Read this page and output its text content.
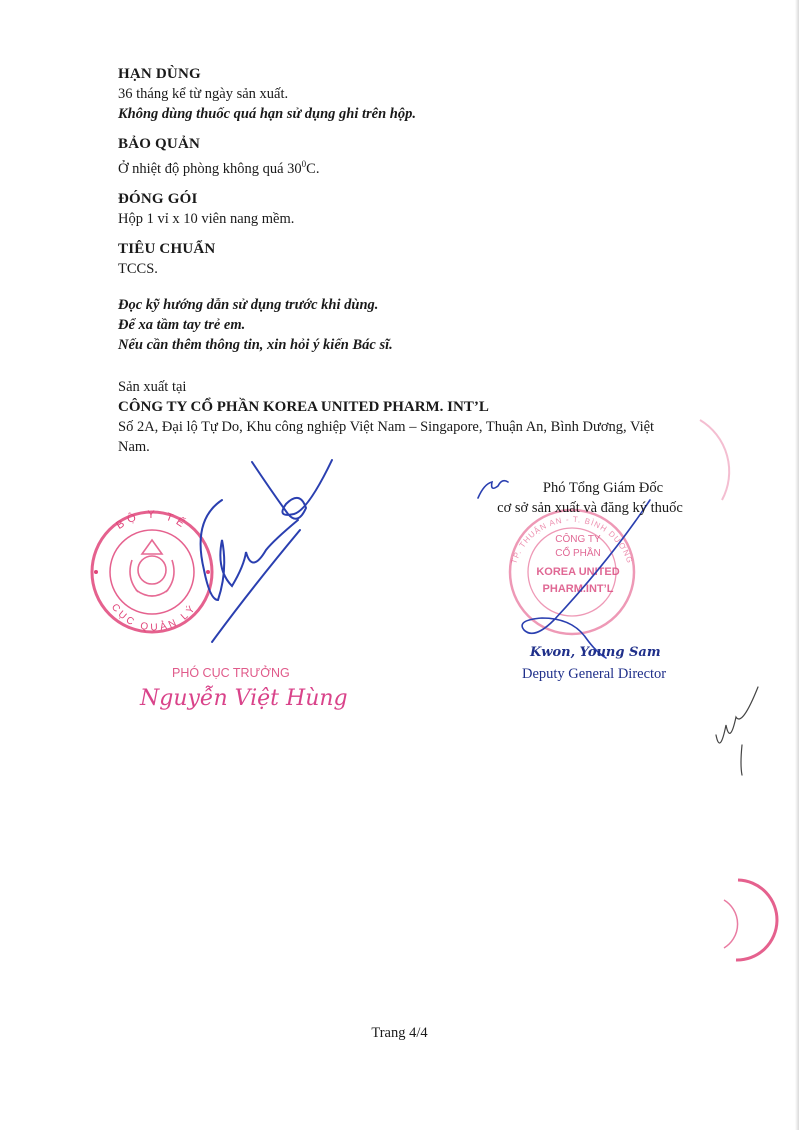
HẠN DÙNG
36 tháng kể từ ngày sản xuất.
Không dùng thuốc quá hạn sử dụng ghi trên hộp.
BẢO QUẢN
Ở nhiệt độ phòng không quá $30^0C$.
ĐÓNG GÓI
Hộp 1 vỉ x 10 viên nang mềm.
TIÊU CHUẨN
TCCS.
Đọc kỹ hướng dẫn sử dụng trước khi dùng.
Để xa tầm tay trẻ em.
Nếu cần thêm thông tin, xin hỏi ý kiến Bác sĩ.
Sản xuất tại
CÔNG TY CỔ PHẦN KOREA UNITED PHARM. INT’L
Số 2A, Đại lộ Tự Do, Khu công nghiệp Việt Nam – Singapore, Thuận An, Bình Dương, Việt
Nam.
BỘ Y TẾ
CỤC QUẢN LÝ
CÔNG TY
CỔ PHẦN
KOREA UNITED
PHARM.INT’L
TP. THUẬN AN - T. BÌNH DƯƠNG
Phó Tổng Giám Đốc
cơ sở sản xuất và đăng ký thuốc
Kwon, Young Sam
Deputy General Director
PHÓ CỤC TRƯỞNG
Nguyễn Việt Hùng
Trang 4/4
